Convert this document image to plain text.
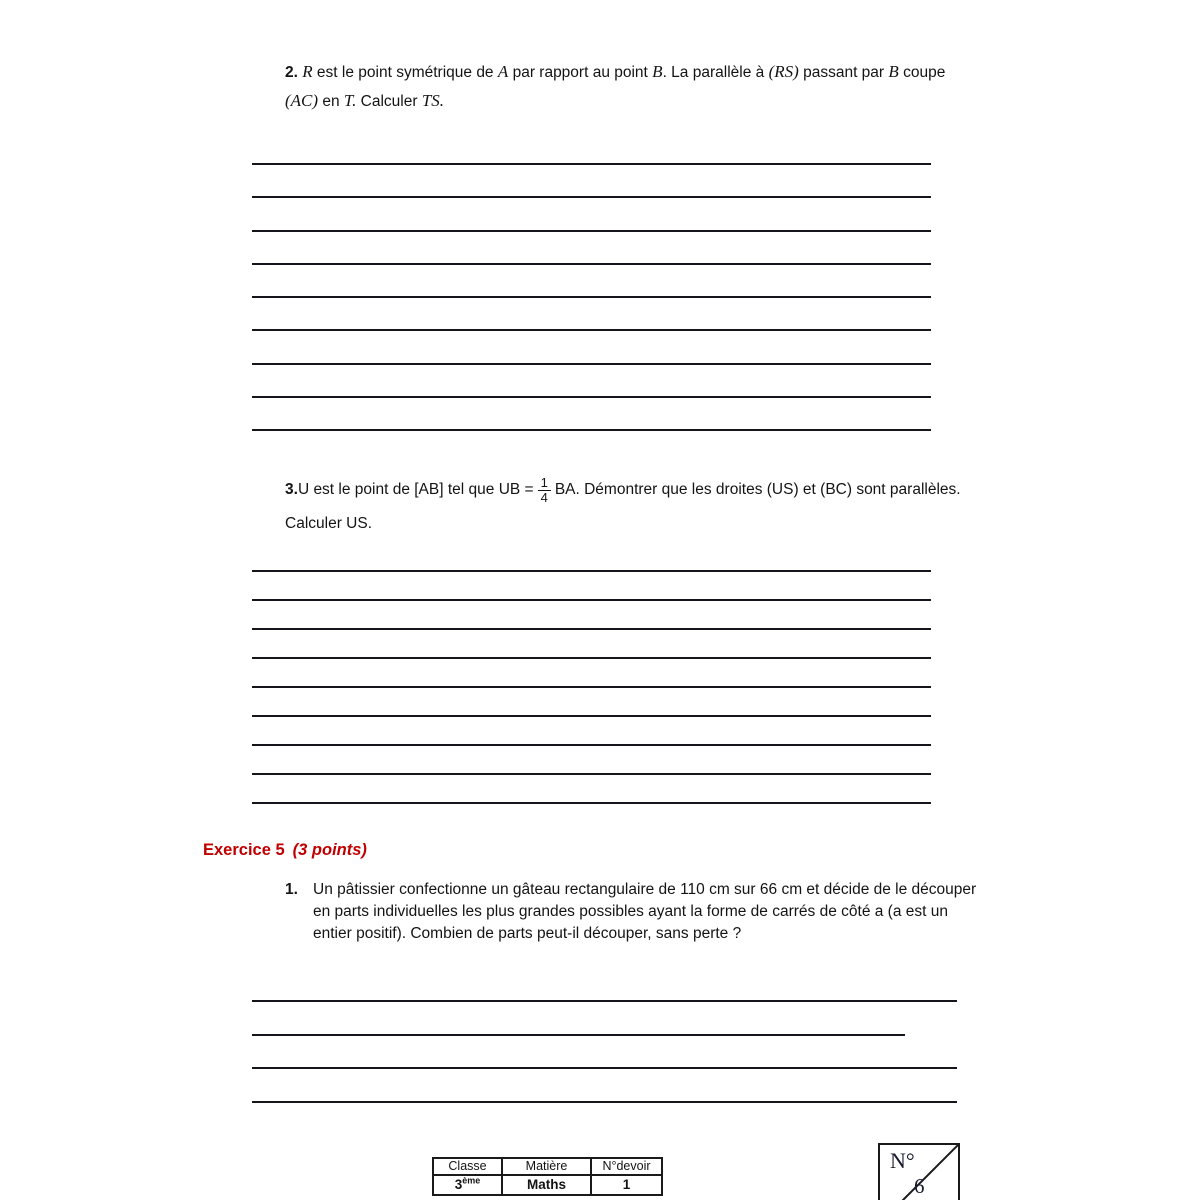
2. R est le point symétrique de A par rapport au point B. La parallèle à (RS) passant par B coupe
(AC) en T. Calculer TS.
3. U est le point de [AB] tel que UB = $\frac{1}{4}$ BA. Démontrer que les droites (US) et (BC) sont parallèles.
Calculer US.
Exercice 5 (3 points)
1. Un pâtissier confectionne un gâteau rectangulaire de 110 cm sur 66 cm et décide de le découper
en parts individuelles les plus grandes possibles ayant la forme de carrés de côté a (a est un
entier positif). Combien de parts peut-il découper, sans perte ?
Classe	Matière	N°devoir
3ème	Maths	1
N°
6
